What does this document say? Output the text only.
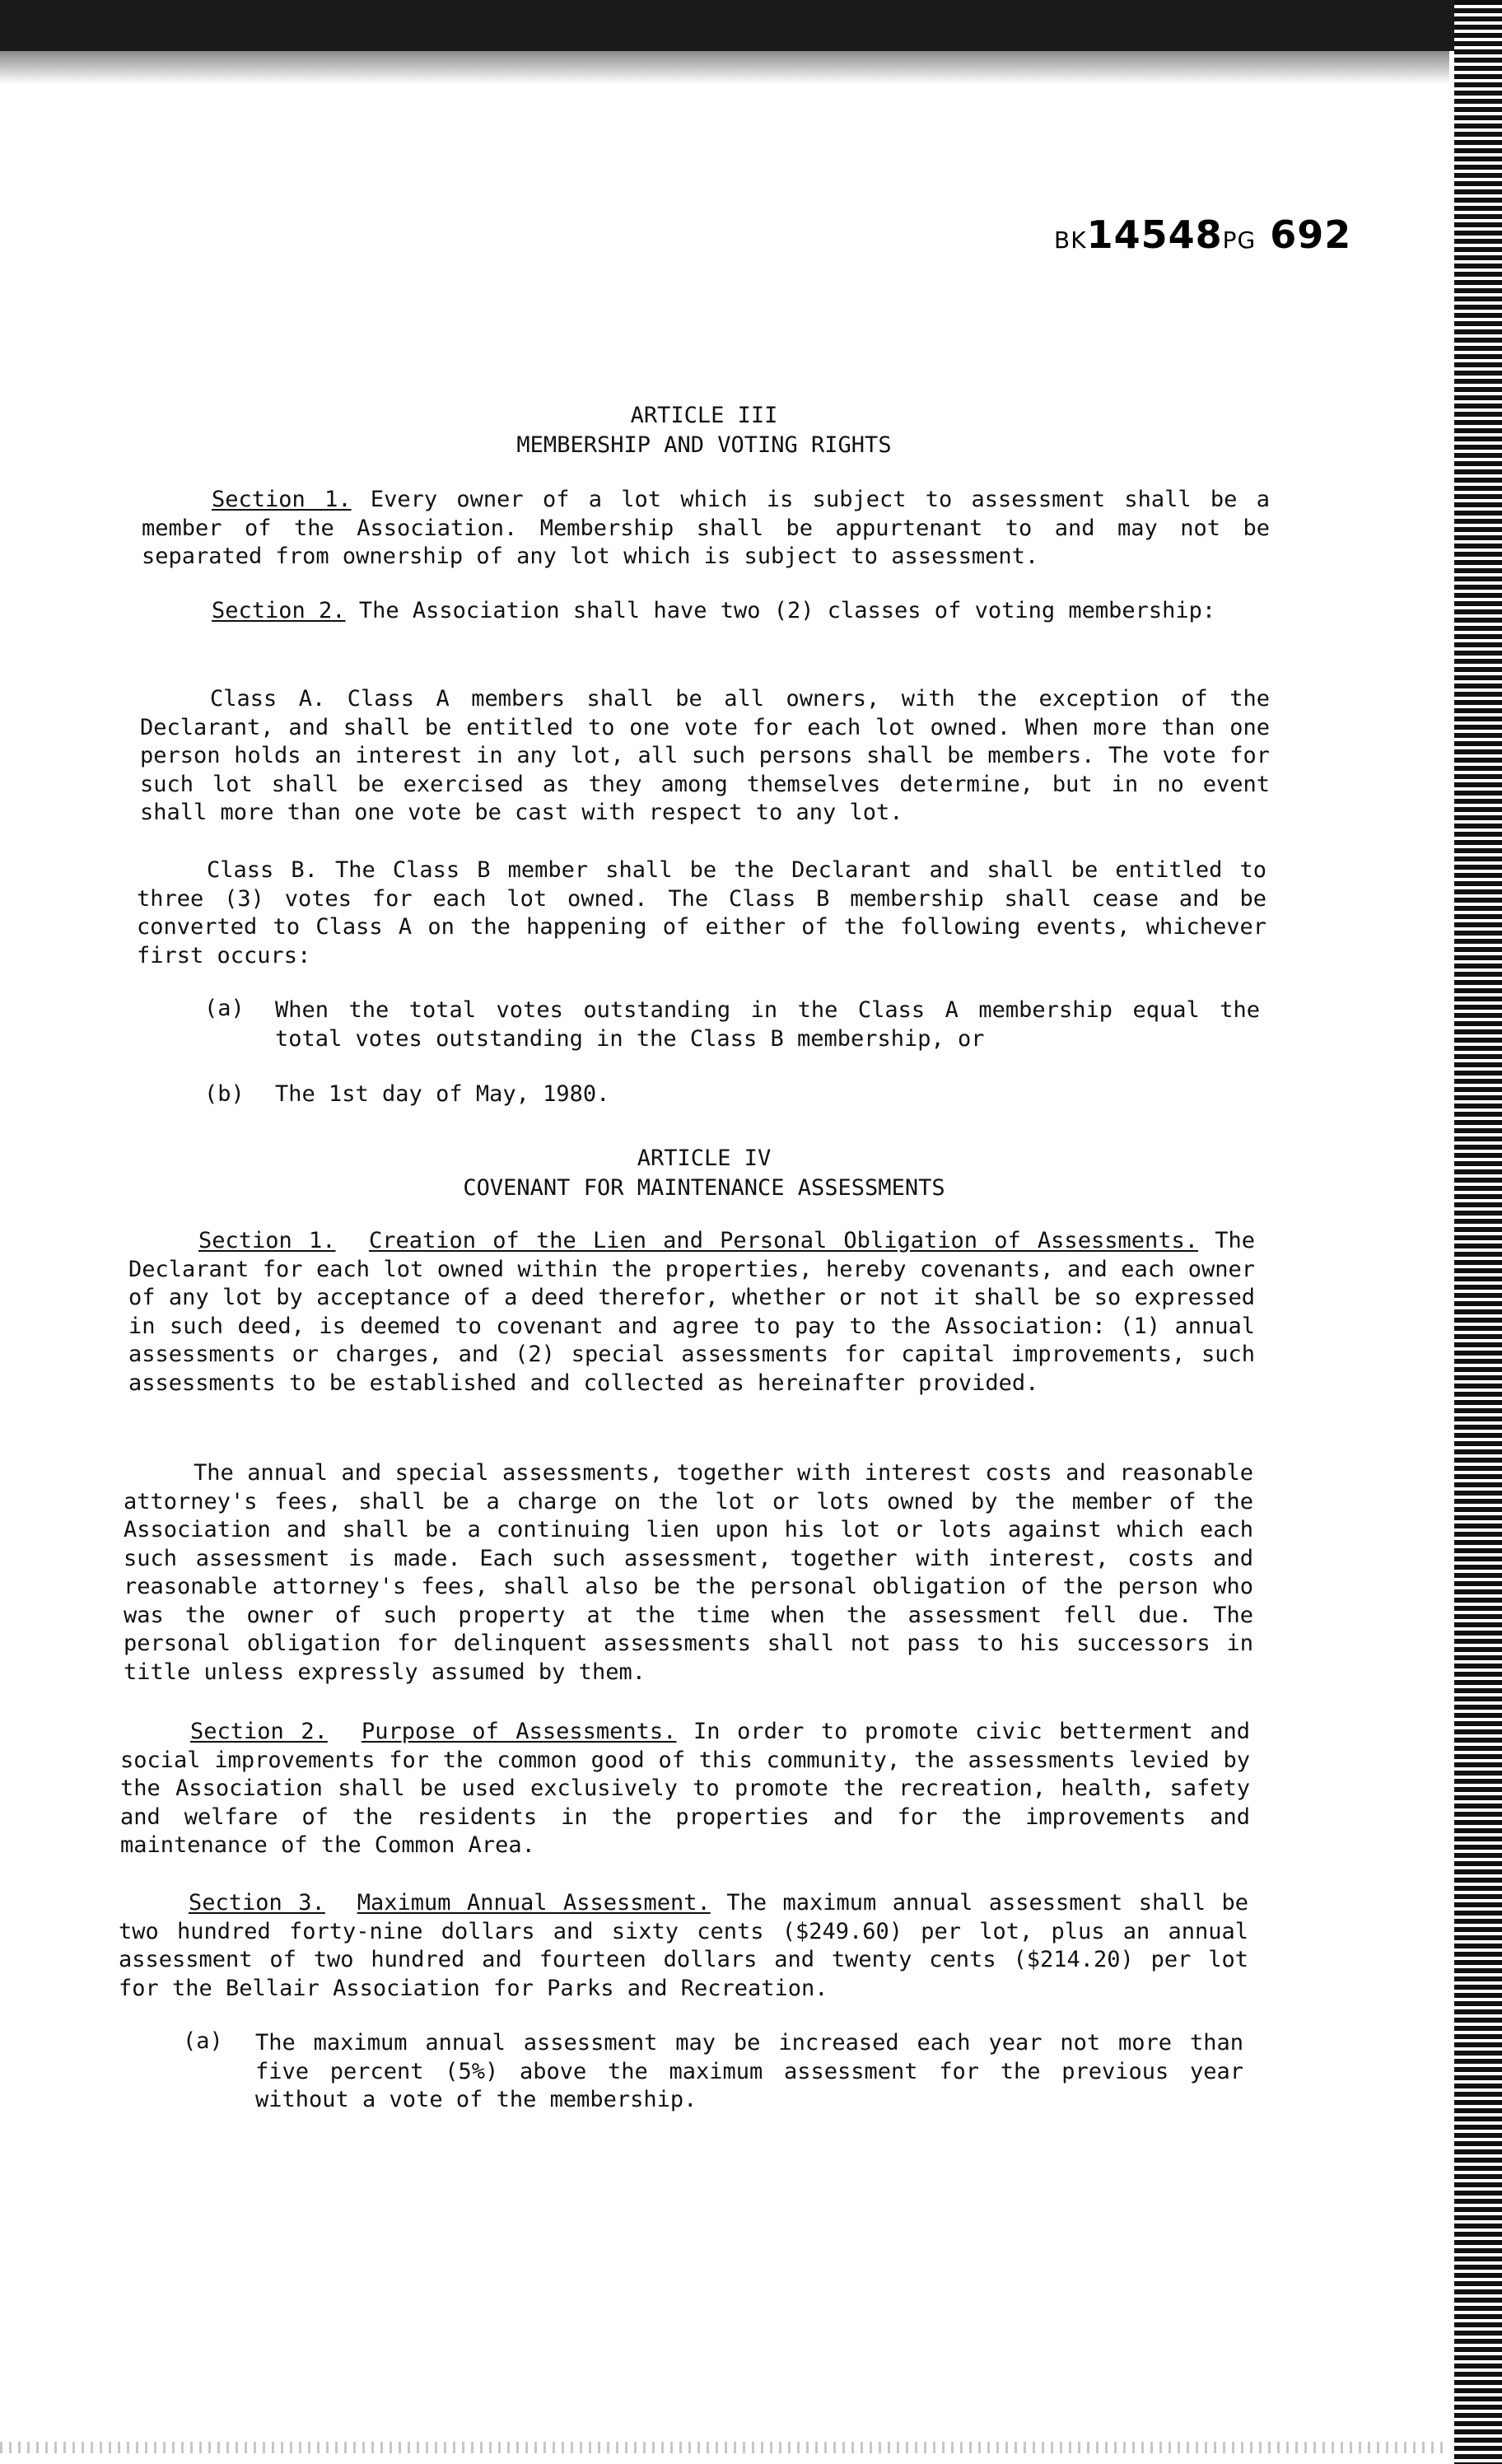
BK14548PG 692

ARTICLE III

MEMBERSHIP AND VOTING RIGHTS

Section 1. Every owner of a lot which is subject to assessment shall be a member of the Association. Membership shall be appurtenant to and may not be separated from ownership of any lot which is subject to assessment.

Section 2. The Association shall have two (2) classes of voting membership:

Class A. Class A members shall be all owners, with the exception of the Declarant, and shall be entitled to one vote for each lot owned. When more than one person holds an interest in any lot, all such persons shall be members. The vote for such lot shall be exercised as they among themselves determine, but in no event shall more than one vote be cast with respect to any lot.

Class B. The Class B member shall be the Declarant and shall be entitled to three (3) votes for each lot owned. The Class B membership shall cease and be converted to Class A on the happening of either of the following events, whichever first occurs:

(a) When the total votes outstanding in the Class A membership equal the total votes outstanding in the Class B membership, or

(b) The 1st day of May, 1980.

ARTICLE IV

COVENANT FOR MAINTENANCE ASSESSMENTS

Section 1. Creation of the Lien and Personal Obligation of Assessments. The Declarant for each lot owned within the properties, hereby covenants, and each owner of any lot by acceptance of a deed therefor, whether or not it shall be so expressed in such deed, is deemed to covenant and agree to pay to the Association: (1) annual assessments or charges, and (2) special assessments for capital improvements, such assessments to be established and collected as hereinafter provided.

The annual and special assessments, together with interest costs and reasonable attorney's fees, shall be a charge on the lot or lots owned by the member of the Association and shall be a continuing lien upon his lot or lots against which each such assessment is made. Each such assessment, together with interest, costs and reasonable attorney's fees, shall also be the personal obligation of the person who was the owner of such property at the time when the assessment fell due. The personal obligation for delinquent assessments shall not pass to his successors in title unless expressly assumed by them.

Section 2. Purpose of Assessments. In order to promote civic betterment and social improvements for the common good of this community, the assessments levied by the Association shall be used exclusively to promote the recreation, health, safety and welfare of the residents in the properties and for the improvements and maintenance of the Common Area.

Section 3. Maximum Annual Assessment. The maximum annual assessment shall be two hundred forty-nine dollars and sixty cents ($249.60) per lot, plus an annual assessment of two hundred and fourteen dollars and twenty cents ($214.20) per lot for the Bellair Association for Parks and Recreation.

(a) The maximum annual assessment may be increased each year not more than five percent (5%) above the maximum assessment for the previous year without a vote of the membership.
